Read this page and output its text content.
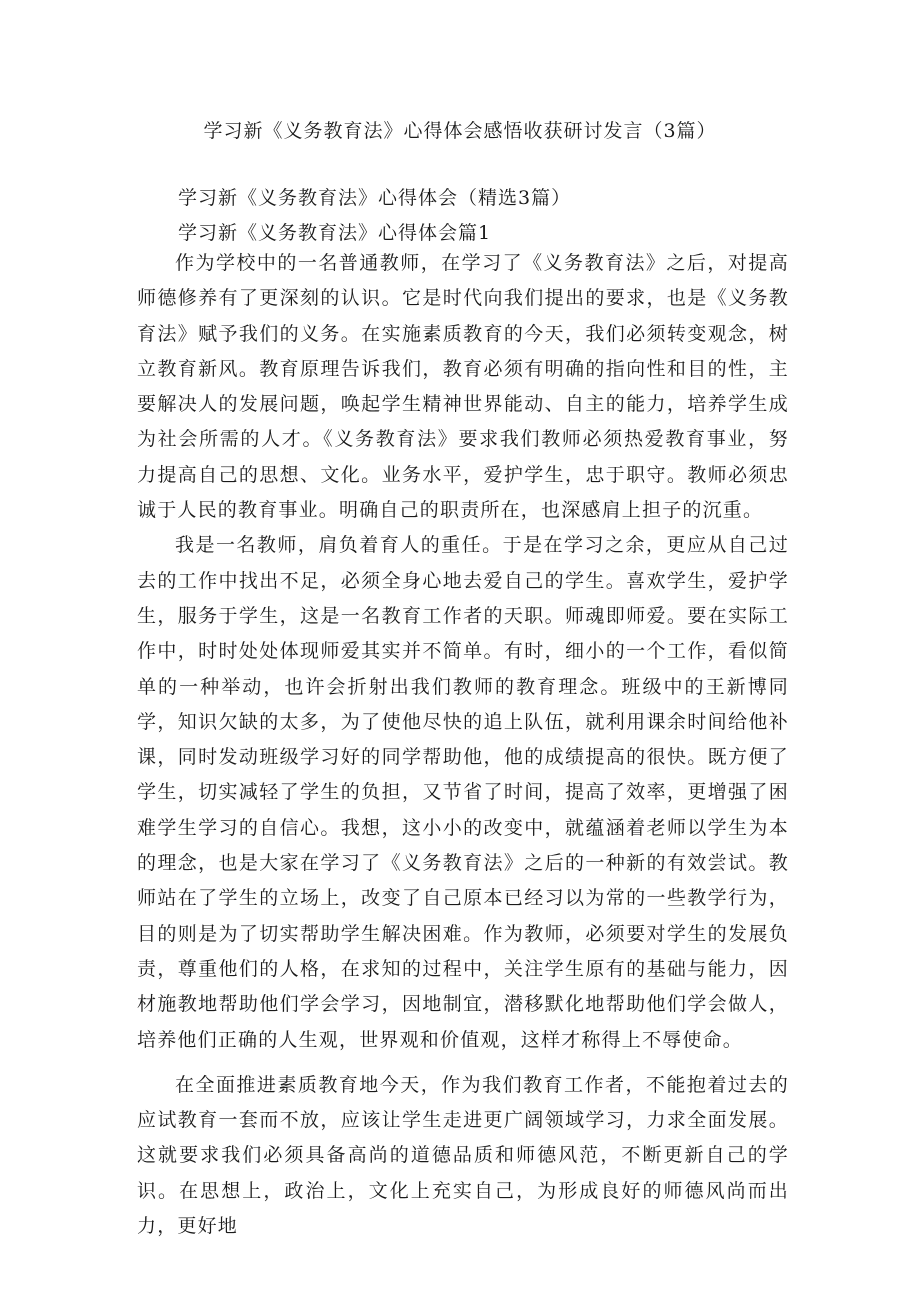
学习新《义务教育法》心得体会感悟收获研讨发言（3篇）

学习新《义务教育法》心得体会（精选3篇）

学习新《义务教育法》心得体会篇1

作为学校中的一名普通教师，在学习了《义务教育法》之后，对提高师德修养有了更深刻的认识。它是时代向我们提出的要求，也是《义务教育法》赋予我们的义务。在实施素质教育的今天，我们必须转变观念，树立教育新风。教育原理告诉我们，教育必须有明确的指向性和目的性，主要解决人的发展问题，唤起学生精神世界能动、自主的能力，培养学生成为社会所需的人才。《义务教育法》要求我们教师必须热爱教育事业，努力提高自己的思想、文化。业务水平，爱护学生，忠于职守。教师必须忠诚于人民的教育事业。明确自己的职责所在，也深感肩上担子的沉重。

我是一名教师，肩负着育人的重任。于是在学习之余，更应从自己过去的工作中找出不足，必须全身心地去爱自己的学生。喜欢学生，爱护学生，服务于学生，这是一名教育工作者的天职。师魂即师爱。要在实际工作中，时时处处体现师爱其实并不简单。有时，细小的一个工作，看似简单的一种举动，也许会折射出我们教师的教育理念。班级中的王新博同学，知识欠缺的太多，为了使他尽快的追上队伍，就利用课余时间给他补课，同时发动班级学习好的同学帮助他，他的成绩提高的很快。既方便了学生，切实减轻了学生的负担，又节省了时间，提高了效率，更增强了困难学生学习的自信心。我想，这小小的改变中，就蕴涵着老师以学生为本的理念，也是大家在学习了《义务教育法》之后的一种新的有效尝试。教师站在了学生的立场上，改变了自己原本已经习以为常的一些教学行为，目的则是为了切实帮助学生解决困难。作为教师，必须要对学生的发展负责，尊重他们的人格，在求知的过程中，关注学生原有的基础与能力，因材施教地帮助他们学会学习，因地制宜，潜移默化地帮助他们学会做人，培养他们正确的人生观，世界观和价值观，这样才称得上不辱使命。

在全面推进素质教育地今天，作为我们教育工作者，不能抱着过去的应试教育一套而不放，应该让学生走进更广阔领域学习，力求全面发展。这就要求我们必须具备高尚的道德品质和师德风范，不断更新自己的学识。在思想上，政治上，文化上充实自己，为形成良好的师德风尚而出力，更好地
